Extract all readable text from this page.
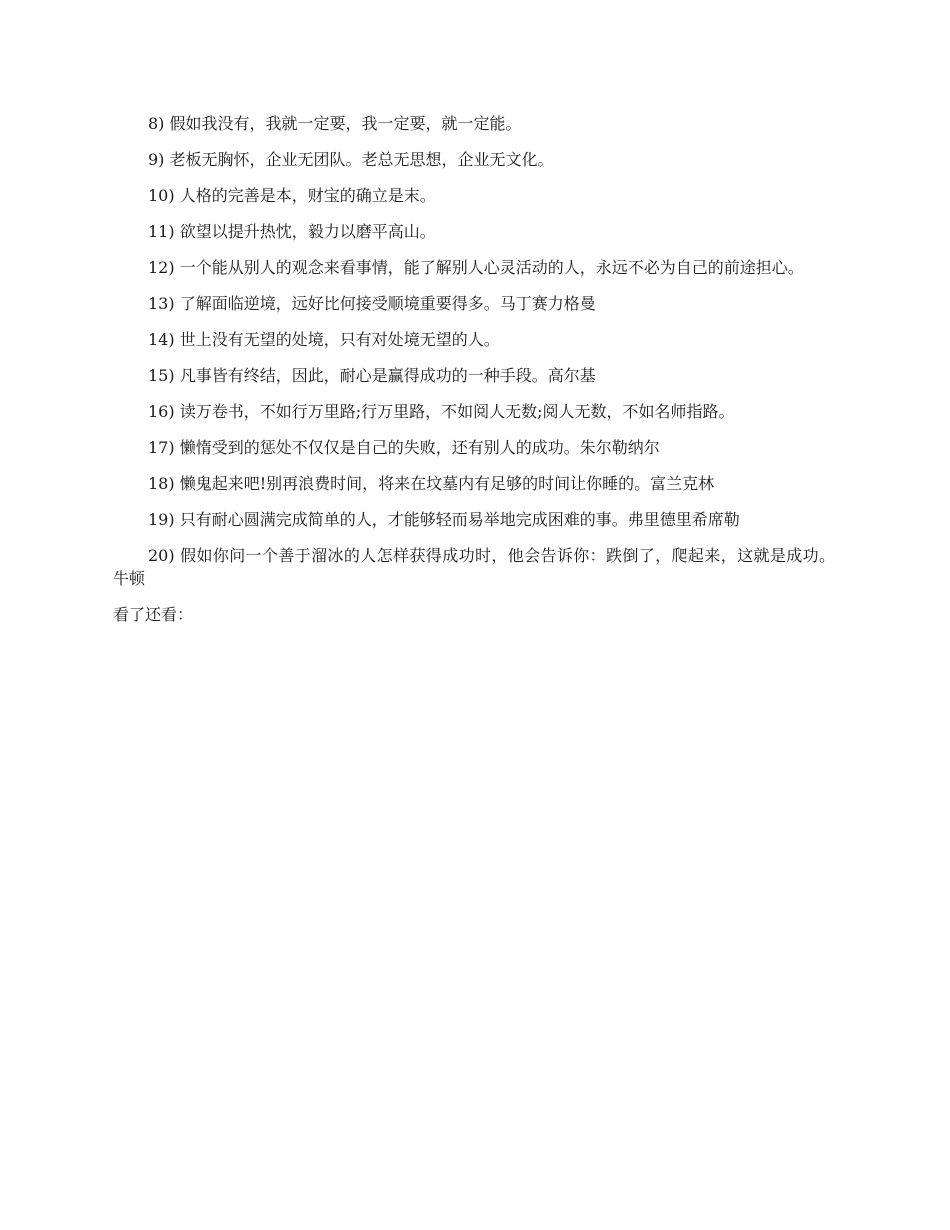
8) 假如我没有，我就一定要，我一定要，就一定能。

9) 老板无胸怀，企业无团队。老总无思想，企业无文化。

10) 人格的完善是本，财宝的确立是末。

11) 欲望以提升热忱，毅力以磨平高山。

12) 一个能从别人的观念来看事情，能了解别人心灵活动的人，永远不必为自己的前途担心。

13) 了解面临逆境，远好比何接受顺境重要得多。马丁赛力格曼

14) 世上没有无望的处境，只有对处境无望的人。

15) 凡事皆有终结，因此，耐心是赢得成功的一种手段。高尔基

16) 读万卷书，不如行万里路;行万里路，不如阅人无数;阅人无数，不如名师指路。

17) 懒惰受到的惩处不仅仅是自己的失败，还有别人的成功。朱尔勒纳尔

18) 懒鬼起来吧!别再浪费时间，将来在坟墓内有足够的时间让你睡的。富兰克林

19) 只有耐心圆满完成简单的人，才能够轻而易举地完成困难的事。弗里德里希席勒

20) 假如你问一个善于溜冰的人怎样获得成功时，他会告诉你：跌倒了，爬起来，这就是成功。牛顿

看了还看：
